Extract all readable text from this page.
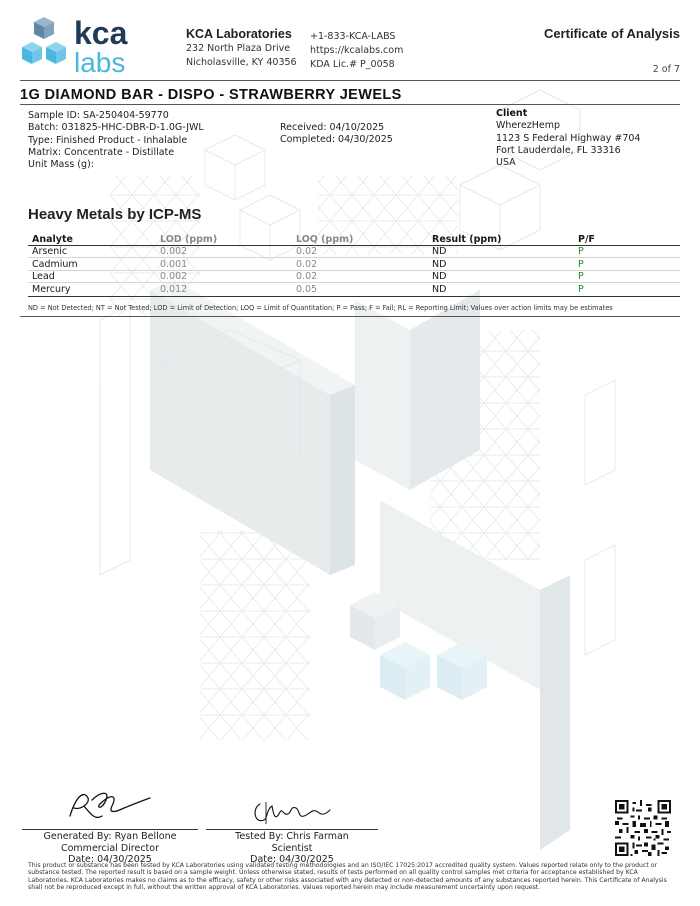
kca
labs
KCA Laboratories
232 North Plaza Drive
Nicholasville, KY 40356
+1-833-KCA-LABS
https://kcalabs.com
KDA Lic.# P_0058
Certificate of Analysis
2 of 7
1G DIAMOND BAR - DISPO - STRAWBERRY JEWELS
Sample ID: SA-250404-59770
Batch: 031825-HHC-DBR-D-1.0G-JWL
Type: Finished Product - Inhalable
Matrix: Concentrate - Distillate
Unit Mass (g):
Received: 04/10/2025
Completed: 04/30/2025
Client
WherezHemp
1123 S Federal Highway #704
Fort Lauderdale, FL 33316
USA
Heavy Metals by ICP-MS
Analyte	LOD (ppm)	LOQ (ppm)	Result (ppm)	P/F
Arsenic	0.002	0.02	ND	P
Cadmium	0.001	0.02	ND	P
Lead	0.002	0.02	ND	P
Mercury	0.012	0.05	ND	P
ND = Not Detected; NT = Not Tested; LOD = Limit of Detection; LOQ = Limit of Quantitation; P = Pass; F = Fail; RL = Reporting Limit; Values over action limits may be estimates
Generated By: Ryan Bellone
Commercial Director
Date: 04/30/2025
Tested By: Chris Farman
Scientist
Date: 04/30/2025
This product or substance has been tested by KCA Laboratories using validated testing methodologies and an ISO/IEC 17025:2017 accredited quality system. Values reported relate only to the product or substance tested. The reported result is based on a sample weight. Unless otherwise stated, results of tests performed on all quality control samples met criteria for acceptance established by KCA Laboratories. KCA Laboratories makes no claims as to the efficacy, safety or other risks associated with any detected or non-detected amounts of any substances reported herein. This Certificate of Analysis shall not be reproduced except in full, without the written approval of KCA Laboratories. Values reported herein may include measurement uncertainty upon request.
